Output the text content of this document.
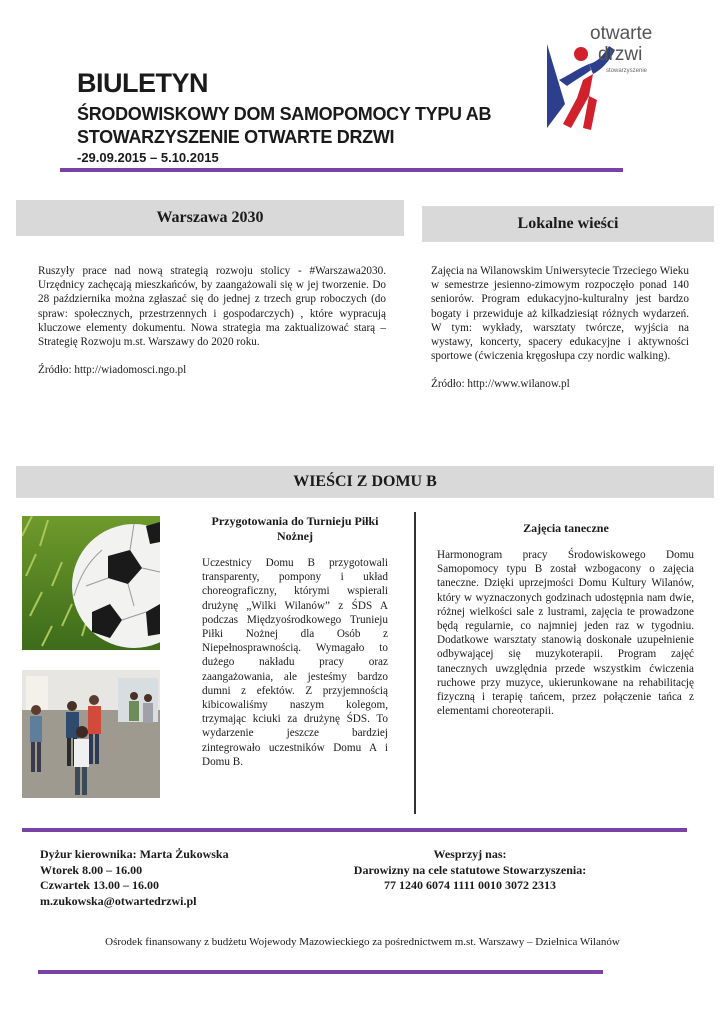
BIULETYN
ŚRODOWISKOWY DOM SAMOPOMOCY TYPU AB
STOWARZYSZENIE OTWARTE DRZWI
-29.09.2015 – 5.10.2015
otwarte
drzwi
stowarzyszenie
Warszawa 2030	Lokalne wieści

Ruszyły prace nad nową strategią rozwoju stolicy - #Warszawa2030. Urzędnicy zachęcają mieszkańców, by zaangażowali się w jej tworzenie. Do 28 października można zgłaszać się do jednej z trzech grup roboczych (do spraw: społecznych, przestrzennych i gospodarczych) , które wypracują kluczowe elementy dokumentu. Nowa strategia ma zaktualizować starą – Strategię Rozwoju m.st. Warszawy do 2020 roku.

Źródło: http://wiadomosci.ngo.pl

Zajęcia na Wilanowskim Uniwersytecie Trzeciego Wieku w semestrze jesienno-zimowym rozpoczęło ponad 140 seniorów. Program edukacyjno-kulturalny jest bardzo bogaty i przewiduje aż kilkadziesiąt różnych wydarzeń. W tym: wykłady, warsztaty twórcze, wyjścia na wystawy, koncerty, spacery edukacyjne i aktywności sportowe (ćwiczenia kręgosłupa czy nordic walking).

Źródło: http://www.wilanow.pl

WIEŚCI Z DOMU B
Przygotowania do Turnieju Piłki Nożnej

Uczestnicy Domu B przygotowali transparenty, pompony i układ choreograficzny, którymi wspierali drużynę „Wilki Wilanów” z ŚDS A podczas Międzyośrodkowego Trunieju Piłki Nożnej dla Osób z Niepełnosprawnością. Wymagało to dużego nakładu pracy oraz zaangażowania, ale jesteśmy bardzo dumni z efektów. Z przyjemnością kibicowaliśmy naszym kolegom, trzymając kciuki za drużynę ŚDS. To wydarzenie jeszcze bardziej zintegrowało uczestników Domu A i Domu B.

Zajęcia taneczne

Harmonogram pracy Środowiskowego Domu Samopomocy typu B został wzbogacony o zajęcia taneczne. Dzięki uprzejmości Domu Kultury Wilanów, który w wyznaczonych godzinach udostępnia nam dwie, różnej wielkości sale z lustrami, zajęcia te prowadzone będą regularnie, co najmniej jeden raz w tygodniu. Dodatkowe warsztaty stanowią doskonałe uzupełnienie odbywającej się muzykoterapii. Program zajęć tanecznych uwzględnia przede wszystkim ćwiczenia ruchowe przy muzyce, ukierunkowane na rehabilitację fizyczną i terapię tańcem, przez połączenie tańca z elementami choreoterapii.

Dyżur kierownika: Marta Żukowska
Wtorek 8.00 – 16.00
Czwartek 13.00 – 16.00
m.zukowska@otwartedrzwi.pl
Wesprzyj nas:
Darowizny na cele statutowe Stowarzyszenia:
77 1240 6074 1111 0010 3072 2313
Ośrodek finansowany z budżetu Wojewody Mazowieckiego za pośrednictwem m.st. Warszawy – Dzielnica Wilanów
